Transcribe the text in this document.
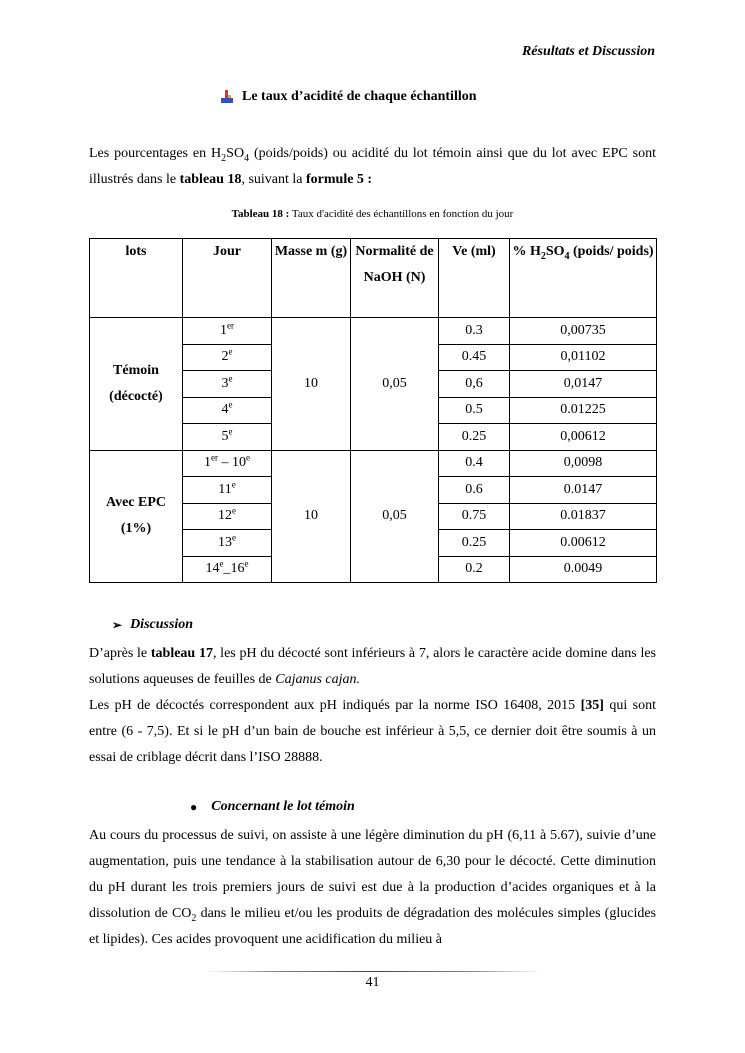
Résultats et Discussion
Le taux d’acidité de chaque échantillon
Les pourcentages en $H_2SO_4$ (poids/poids) ou acidité du lot témoin ainsi que du lot avec EPC sont illustrés dans le tableau 18, suivant la formule 5 :
Tableau 18 : Taux d'acidité des échantillons en fonction du jour
lots	Jour	Masse m (g)	Normalité de NaOH (N)	Ve (ml)	% $H_2SO_4$ (poids/ poids)
Témoin
(décocté)	1er	10	0,05	0.3	0,00735
	2e			0.45	0,01102
	3e			0,6	0,0147
	4e			0.5	0.01225
	5e			0.25	0,00612
Avec EPC
(1%)	1er – 10e	10	0,05	0.4	0,0098
	11e			0.6	0.0147
	12e			0.75	0.01837
	13e			0.25	0.00612
	14e_16e			0.2	0.0049
➢ Discussion
D’après le tableau 17, les pH du décocté sont inférieurs à 7, alors le caractère acide domine dans les solutions aqueuses de feuilles de Cajanus cajan.
Les pH de décoctés correspondent aux pH indiqués par la norme ISO 16408, 2015 [35] qui sont entre (6 - 7,5). Et si le pH d’un bain de bouche est inférieur à 5,5, ce dernier doit être soumis à un essai de criblage décrit dans l’ISO 28888.
● Concernant le lot témoin
Au cours du processus de suivi, on assiste à une légère diminution du pH (6,11 à 5.67), suivie d’une augmentation, puis une tendance à la stabilisation autour de 6,30 pour le décocté. Cette diminution du pH durant les trois premiers jours de suivi est due à la production d’acides organiques et à la dissolution de $CO_2$ dans le milieu et/ou les produits de dégradation des molécules simples (glucides et lipides). Ces acides provoquent une acidification du milieu à
41
